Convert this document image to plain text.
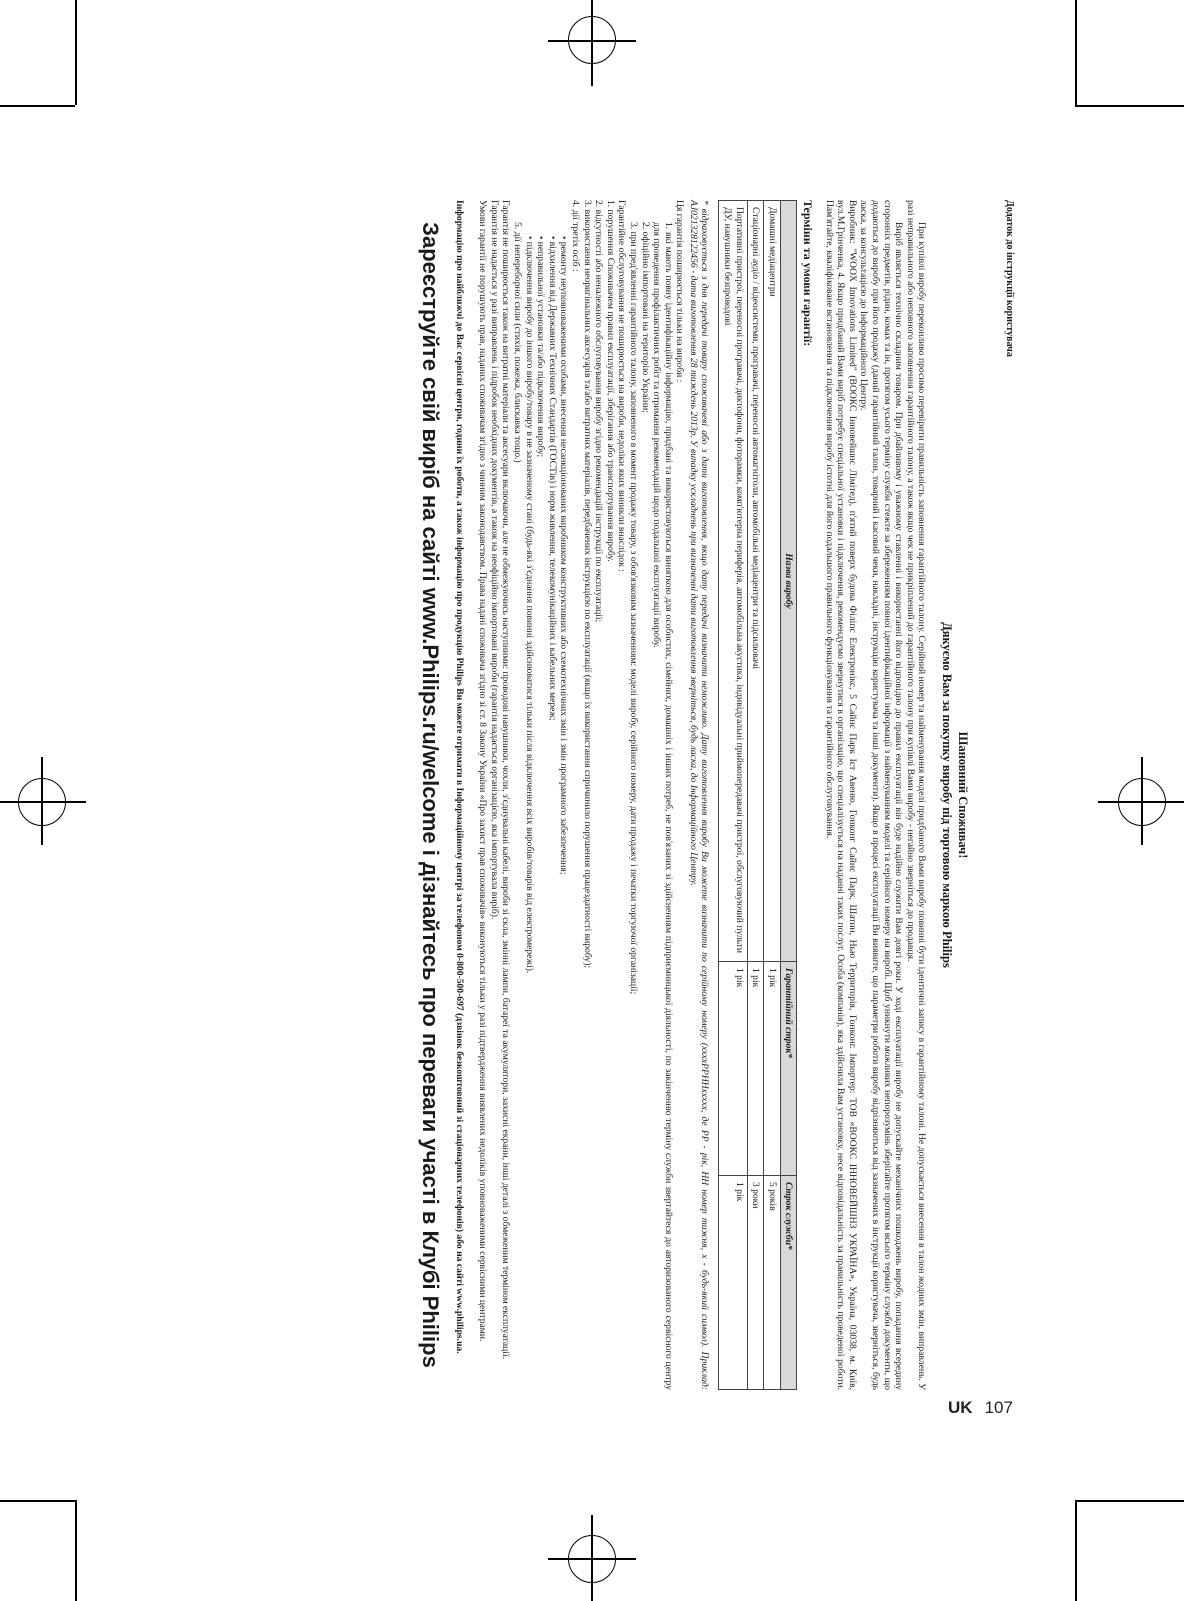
Додаток до інструкції користувача

Шановний Споживач!

Дякуємо Вам за покупку виробу під торговою маркою Philips

При купівлі виробу переконливо просимо перевірити правильність заповнення гарантійного талону. Серійний номер та найменування моделі придбаного Вами виробу повинні бути ідентичні запису в гарантійному талоні. Не допускається внесення в талон жодних змін, виправлень. У разі неправильного або неповного заповнення гарантійного талону, а також якщо чек не прикріплений до гарантійного талону при купівлі Вами виробу - негайно зверніться до продавця.

Виріб являється технічно складним товаром. При дбайливому і уважному ставленні і використанні його відповідно до правил експлуатації він буде надійно служити Вам довгі роки. У ході експлуатації виробу не допускайте механічних пошкоджень виробу, попадання всередину сторонніх предметів, рідин, комах та ін, протягом усього терміну служби стежте за збереженням повної ідентифікаційної інформації з найменуванням моделі та серійного номеру на виробі. Щоб уникнути можливих непорозумінь зберігайте протягом всього терміну служби документи, що додаються до виробу при його продажу (даний гарантійний талон, товарний і касовий чеки, накладні, інструкцію користувача та інші документи). Якщо в процесі експлуатації Ви виявите, що параметри роботи виробу відрізняються від зазначених в інструкції користувача, зверніться, будь ласка, за консультацією до Інформаційного Центру.

Виробник: "WOOX Innovations Limited" (ВООКС Інновейшнс Лімітед), п'ятий поверх будова Філіпс Електронікс, 5 Сайнс Парк Іст Авеню, Гонконг Сайнс Парк, Шатин, Нью Территорія, Гонконг. Імпортер: ТОВ «ВООКС ІННОВЕЙШНЗ УКРАЇНА», Україна, 03038, м. Київ, вул.М.Грінченка, 4. Якщо придбаний Вами виріб потребує спеціальної установки і підключення, рекомендуємо звернутися в організацію, що спеціалізується на наданні таких послуг. Особа (компанія), яка здійснила Вам установку, несе відповідальність за правильність проведеної роботи. Пам'ятайте, кваліфіковане встановлення та підключення виробу істотні для його подальшого правильного функціонування та гарантійного обслуговування.

Терміни та умови гарантії:
Назва виробу	Гарантійний строк*	Строк служби*
Домашні медіацентри	1 рік	5 років
Стаціонарні аудіо / відеосистеми, програвачі, переносні автомагнітоли, автомобільні медіацентри та підсилювачі	1 рік	3 роки
Портативні пристрої, переносні програвачі, диктофони, фоторамки, комп'ютерна периферія, автомобільна акустика, індивідуальні приймопередавачі пристрої, обслуговуючий пульти ДУ, навушники безпроводові	1 рік	1 рік

* відраховується з дня передачі товару споживачеві або з дати виготовлення, якщо дату передачі визначити неможливо. Дату виготовлення виробу Ви можете визначити по серійному номеру (xxxxPPHHxxxxx, де PP - рік, HH номер тижня, x - будь-який символ). Приклад: AJ021328122456 - дата виготовлення 28 тиждень 2013р. У випадку ускладнень при визначенні дати виготовлення зверніться, будь ласка, до Інформаційного Центру.

Ця гарантія поширюється тільки на вироби :

1. які мають повну ідентифікаційну інформацію, придбані та використовуються виняткою для особистих, сімейних, домашніх і інших потреб, не пов'язаних зі здійсненням підприємницької діяльності, по закінченню терміну служби звертайтеся до авторизованого сервісного центру для проведення профілактичних робіт та отримання рекомендацій щодо подальшої експлуатації виробу.

2. офіційно імпортовані на територію України;

3. при пред'явленні гарантійного талону, заповненого в момент продажу товару, з обов'язковим зазначенням: моделі виробу, серійного номеру, дати продажу і печатки торгуючої організації;

Гарантійне обслуговування не поширюється на вироби, недоліки яких виникли внаслідок :

1. порушення Споживачем правил експлуатації, зберігання або транспортування виробу.

2. відсутності або неналежного обслуговування виробу згідно рекомендацій інструкції по експлуатації;

3. використання неоригінальних аксесуарів та/або витратних матеріалів, передбачених інструкцією по експлуатації (якщо їх використання спричинило порушення працездатності виробу);

4. дії третіх осіб :

• ремонту неуповноваженими особами, внесення несанкціонованих виробником конструктивних або схемотехнічних змін і змін програмного забезпечення;

• відхилення від Державних Технічних Стандартів (ГОСТів) і норм живлення, телекомунікаційних і кабельних мереж;

• неправильної установки та/або підключення виробу;

• підключення виробу до іншого виробу/товару в не зазначеному стані (будь-які з'єднання повинні здійснюватися тільки після відключення всіх виробів/товарів від електромережі).

5. дії непереборної сили (стихія, пожежа, блискавка тощо.)

Гарантія не поширюється також на витратні матеріали та аксесуари включаючи, але не обмежуючись наступними: проводові навушники, чохли, з'єднувальні кабелі, вироби зі скла, змінні лампи, батареї та акумулятори, захисні екрани, інші деталі з обмеженим терміном експлуатації.

Гарантія не надається у разі виправлень і підробок необхідних документів, а також на неофіційно імпортовані вироби (гарантія надається організацією, яка імпортувала виріб).

Умови гарантії не порушують прав, наданих споживачам згідно з чинним законодавством. Права надані споживача згідно зі ст. 8 Закону України «Про захист прав споживачів» виконуються тільки у разі підтвердження виявлених недоліків уповноваженими сервісними центрами.

Інформацію про найближчі до Вас сервісні центри, години їх роботи, а також інформацію про продукцію Philips Ви можете отримати в Інформаційному центрі за телефоном 0-800-500-697 (дзвінок безкоштовний зі стаціонарних телефонів) або на сайті www.philips.ua.

Зареєструйте свій виріб на сайті www.Philips.ru/welcome і дізнайтесь про переваги участі в Клубі Philips

UK 107
